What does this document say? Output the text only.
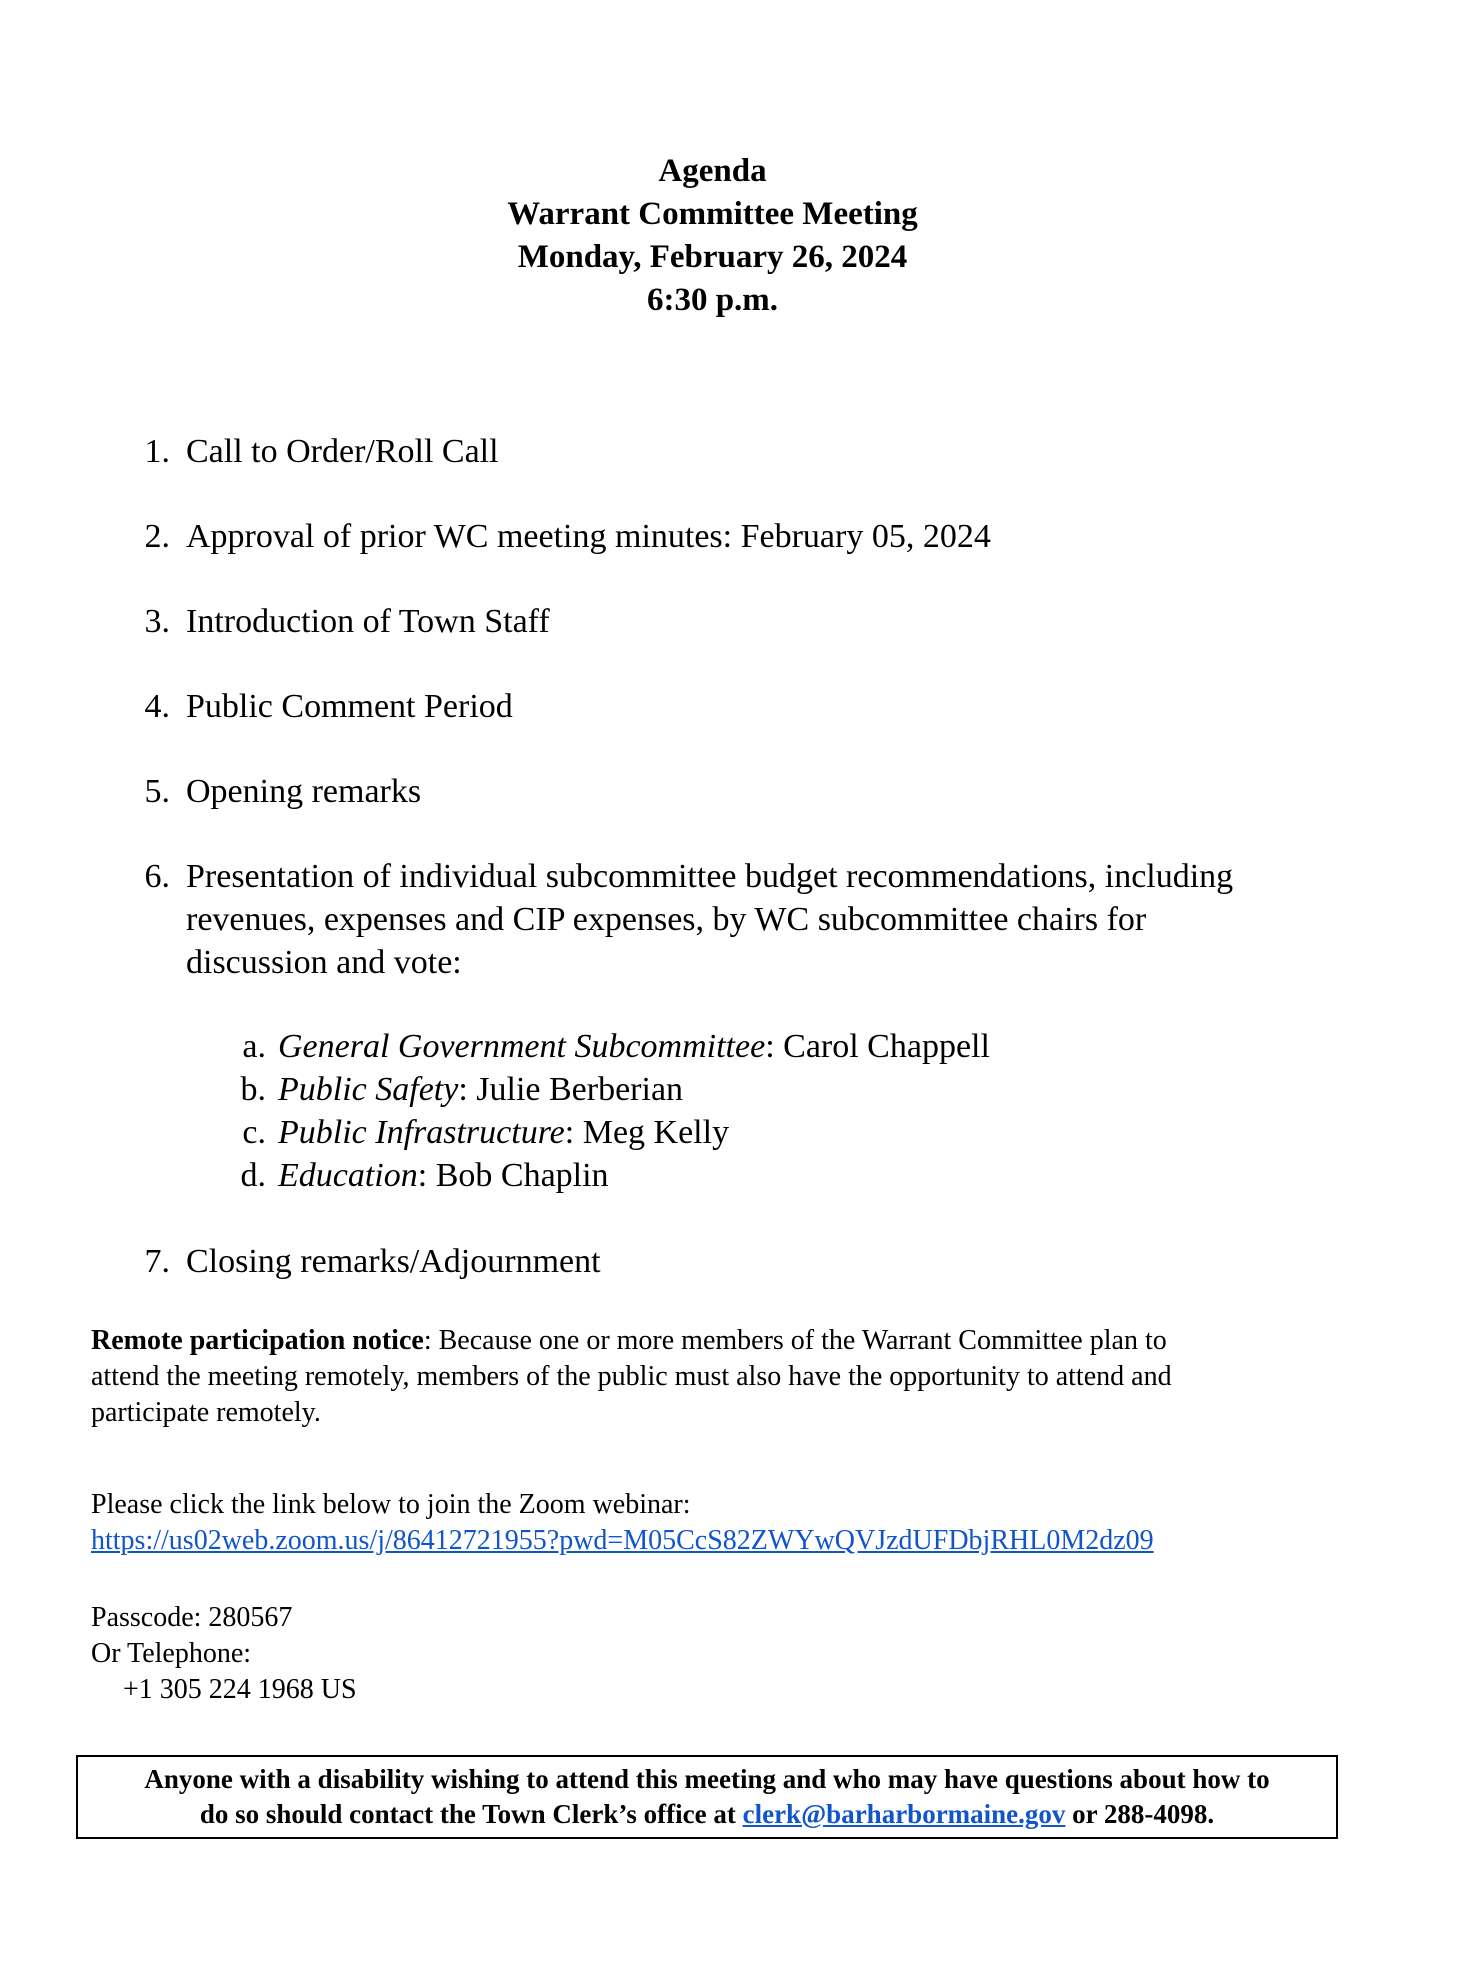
Agenda
Warrant Committee Meeting
Monday, February 26, 2024
6:30 p.m.
1. Call to Order/Roll Call
2. Approval of prior WC meeting minutes: February 05, 2024
3. Introduction of Town Staff
4. Public Comment Period
5. Opening remarks
6. Presentation of individual subcommittee budget recommendations, including
revenues, expenses and CIP expenses, by WC subcommittee chairs for
discussion and vote:
a. General Government Subcommittee: Carol Chappell
b. Public Safety: Julie Berberian
c. Public Infrastructure: Meg Kelly
d. Education: Bob Chaplin
7. Closing remarks/Adjournment
Remote participation notice: Because one or more members of the Warrant Committee plan to
attend the meeting remotely, members of the public must also have the opportunity to attend and
participate remotely.
Please click the link below to join the Zoom webinar:
https://us02web.zoom.us/j/86412721955?pwd=M05CcS82ZWYwQVJzdUFDbjRHL0M2dz09
Passcode: 280567
Or Telephone:
+1 305 224 1968 US
Anyone with a disability wishing to attend this meeting and who may have questions about how to
do so should contact the Town Clerk’s office at clerk@barharbormaine.gov or 288-4098.
